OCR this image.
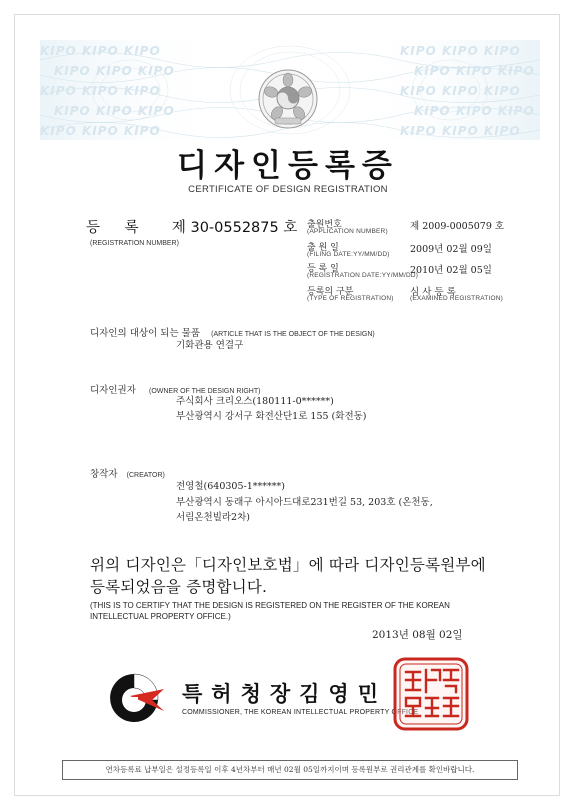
KIPO KIPO KIPO
KIPO KIPO KIPO
KIPO KIPO KIPO
KIPO KIPO KIPO
KIPO KIPO KIPO
KIPO KIPO KIPO
KIPO KIPO KIPO
KIPO KIPO KIPO
KIPO KIPO KIPO
KIPO KIPO KIPO
디자인등록증
CERTIFICATE OF DESIGN REGISTRATION
등 록 제 30-0552875 호
(REGISTRATION NUMBER)
출원번호
(APPLICATION NUMBER) 제 2009-0005079 호
출 원 일
(FILING DATE:YY/MM/DD) 2009년 02월 09일
등 록 일
(REGISTRATION DATE:YY/MM/DD)
2010년 02월 05일
등록의 구분
(TYPE OF REGISTRATION)
심 사 등 록
(EXAMINED REGISTRATION)
디자인의 대상이 되는 물품 (ARTICLE THAT IS THE OBJECT OF THE DESIGN)
기화관용 연결구
디자인권자 (OWNER OF THE DESIGN RIGHT)
주식회사 크리오스(180111-0******)
부산광역시 강서구 화전산단1로 155 (화전동)
창작자 (CREATOR)
전영철(640305-1******)
부산광역시 동래구 아시아드대로231번길 53, 203호 (온천동,
서림온천빌라2차)
위의 디자인은「디자인보호법」에 따라 디자인등록원부에
등록되었음을 증명합니다.
(THIS IS TO CERTIFY THAT THE DESIGN IS REGISTERED ON THE REGISTER OF THE KOREAN
INTELLECTUAL PROPERTY OFFICE.)
2013년 08월 02일
특허청장김영민
COMMISSIONER, THE KOREAN INTELLECTUAL PROPERTY OFFICE
연차등록료 납부일은 설정등록일 이후 4년차부터 매년 02월 05일까지이며 등록원부로 권리관계를 확인바랍니다.
